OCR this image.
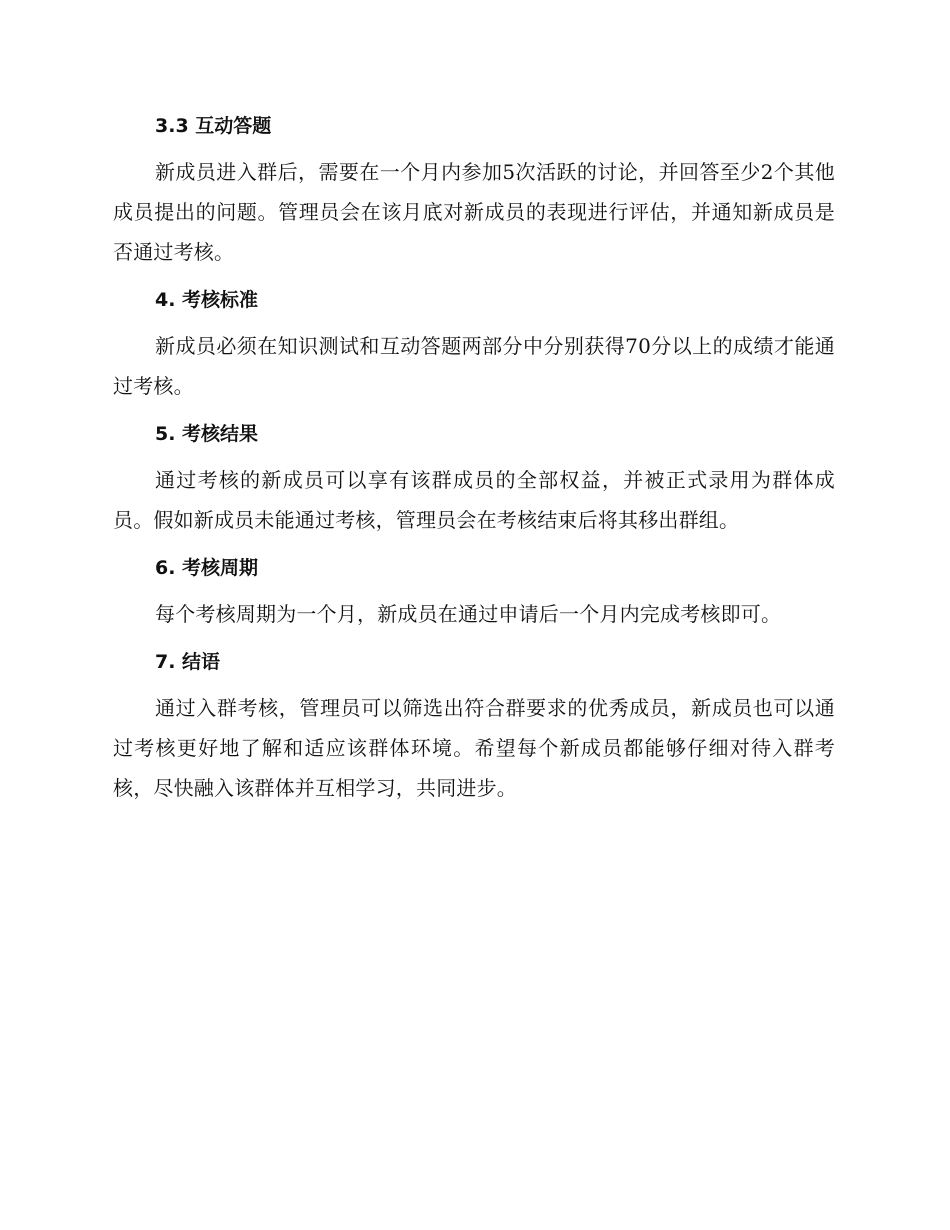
3.3 互动答题

新成员进入群后，需要在一个月内参加5次活跃的讨论，并回答至少2个其他成员提出的问题。管理员会在该月底对新成员的表现进行评估，并通知新成员是否通过考核。

4. 考核标准

新成员必须在知识测试和互动答题两部分中分别获得70分以上的成绩才能通过考核。

5. 考核结果

通过考核的新成员可以享有该群成员的全部权益，并被正式录用为群体成员。假如新成员未能通过考核，管理员会在考核结束后将其移出群组。

6. 考核周期

每个考核周期为一个月，新成员在通过申请后一个月内完成考核即可。

7. 结语

通过入群考核，管理员可以筛选出符合群要求的优秀成员，新成员也可以通过考核更好地了解和适应该群体环境。希望每个新成员都能够仔细对待入群考核，尽快融入该群体并互相学习，共同进步。
